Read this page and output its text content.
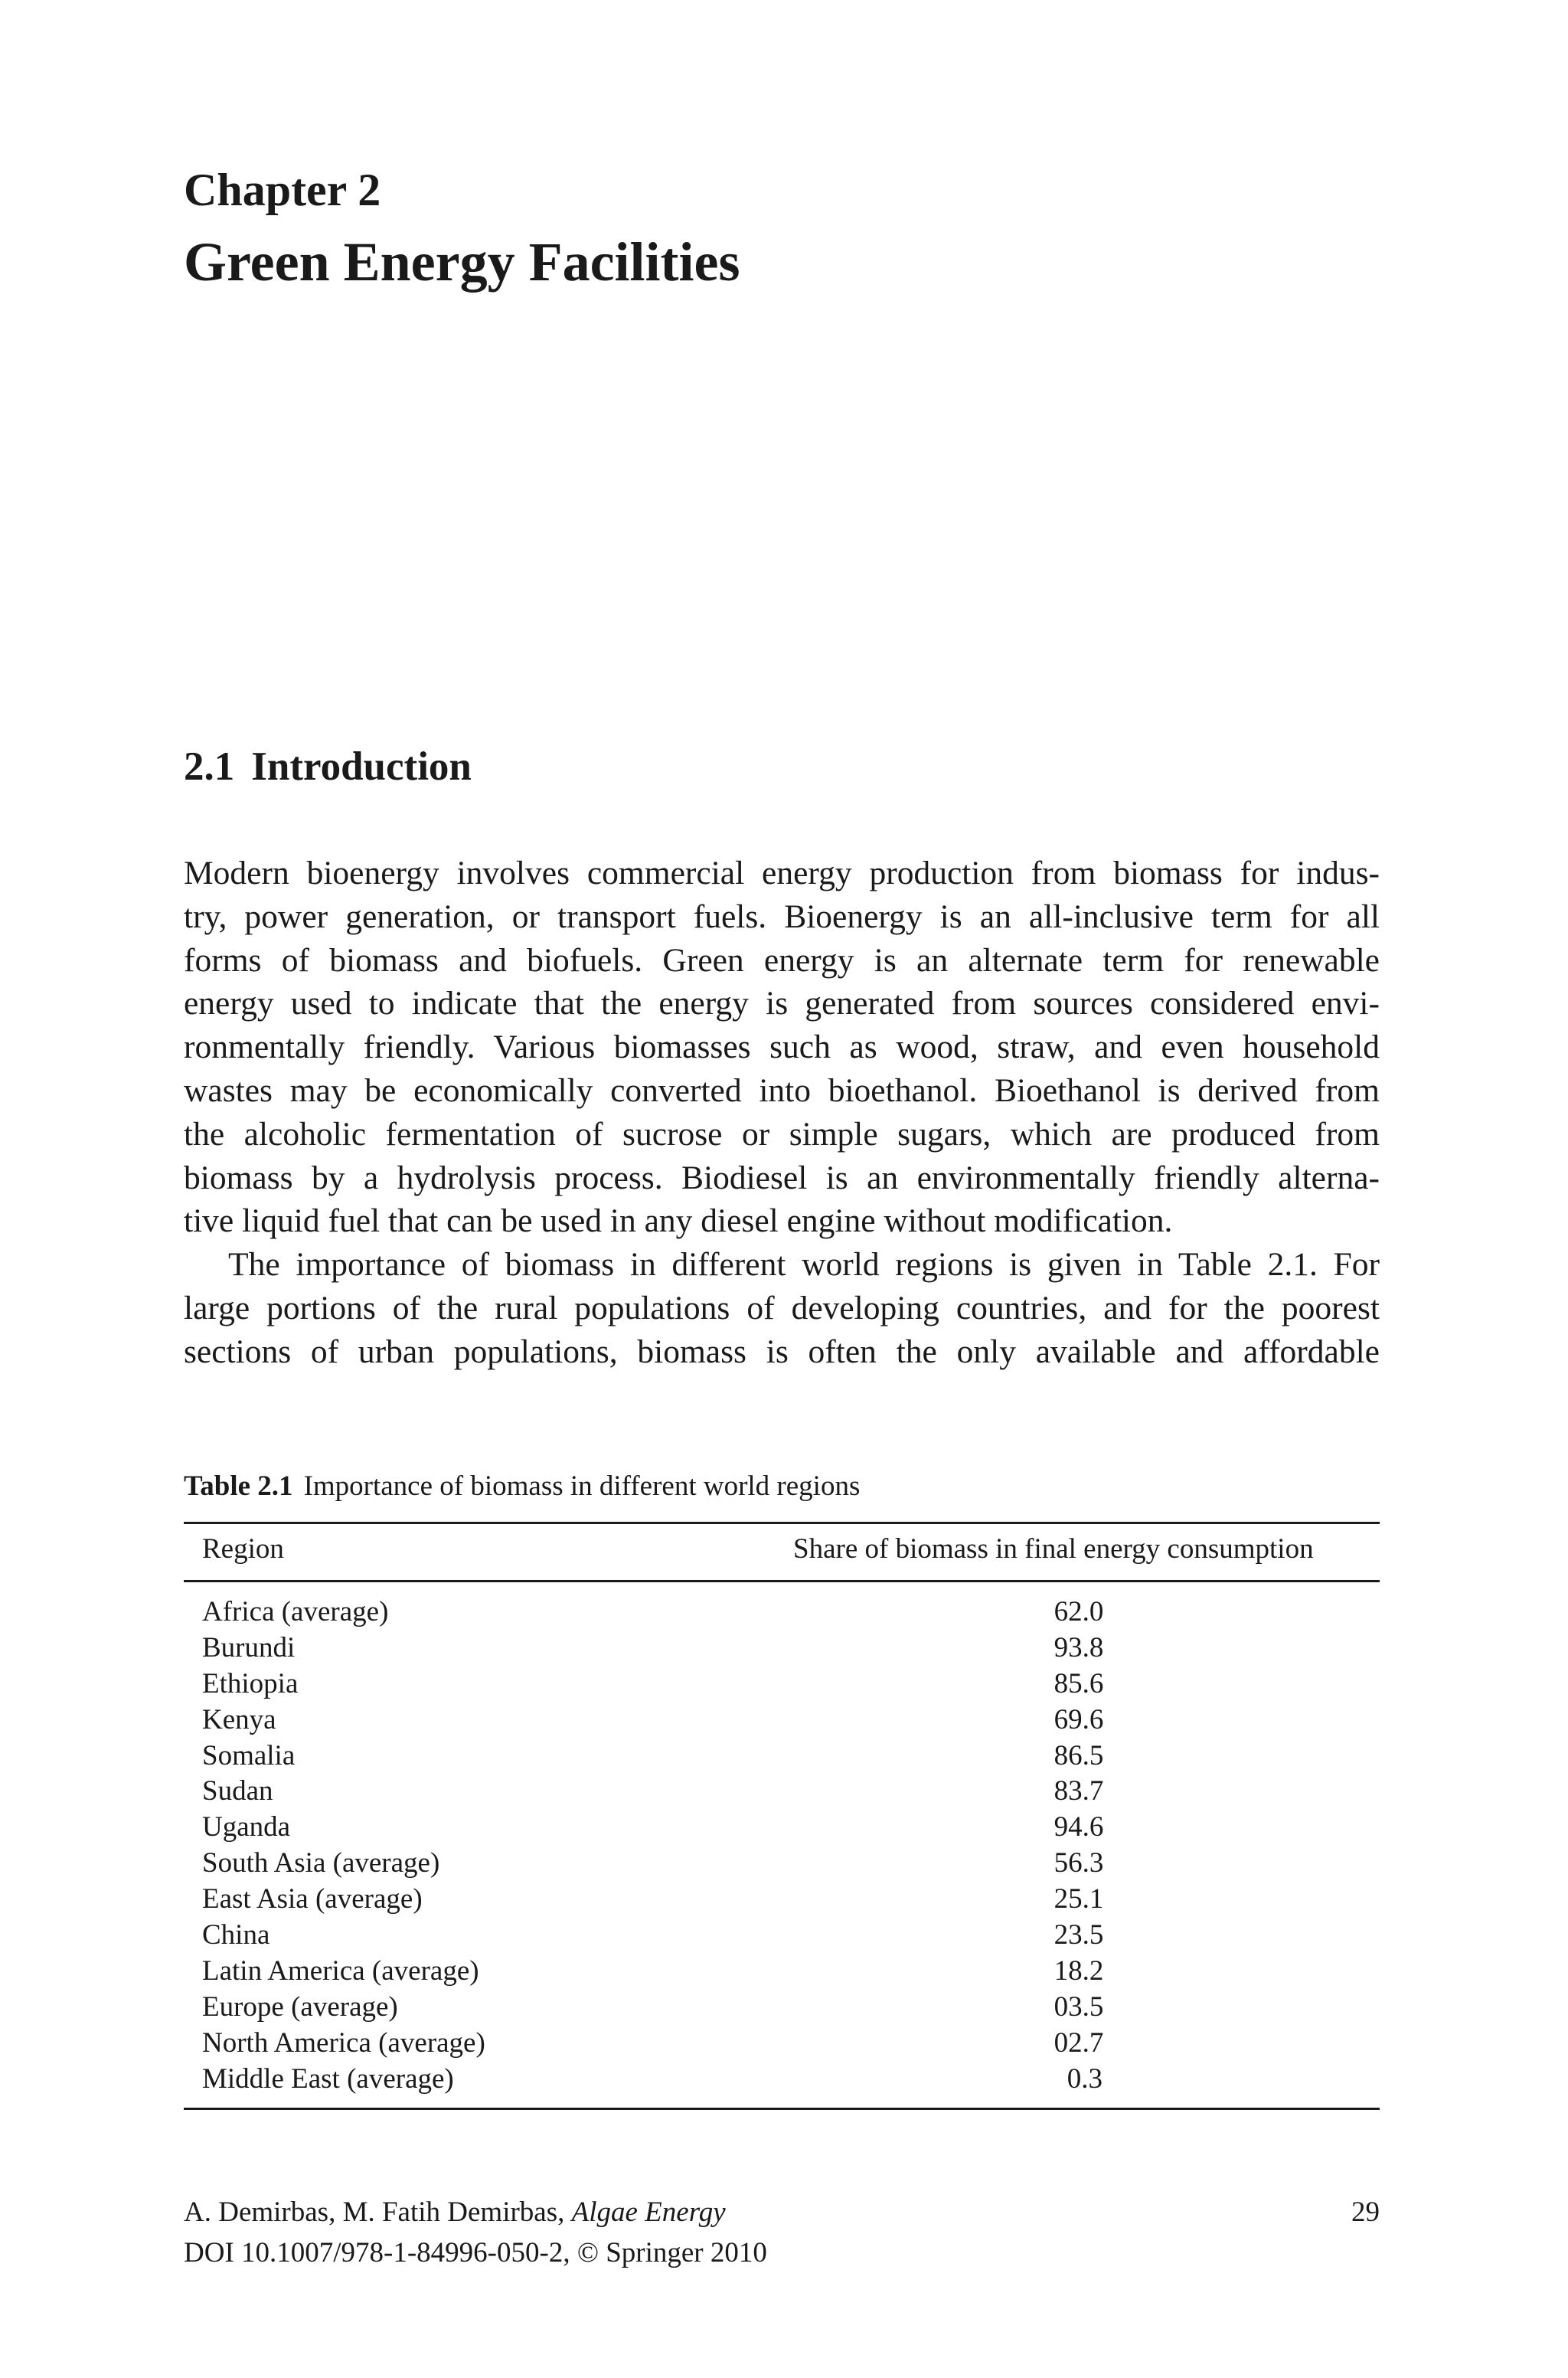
Chapter 2
Green Energy Facilities
2.1 Introduction

Modern bioenergy involves commercial energy production from biomass for indus-
try, power generation, or transport fuels. Bioenergy is an all-inclusive term for all
forms of biomass and biofuels. Green energy is an alternate term for renewable
energy used to indicate that the energy is generated from sources considered envi-
ronmentally friendly. Various biomasses such as wood, straw, and even household
wastes may be economically converted into bioethanol. Bioethanol is derived from
the alcoholic fermentation of sucrose or simple sugars, which are produced from
biomass by a hydrolysis process. Biodiesel is an environmentally friendly alterna-
tive liquid fuel that can be used in any diesel engine without modification.

The importance of biomass in different world regions is given in Table 2.1. For
large portions of the rural populations of developing countries, and for the poorest
sections of urban populations, biomass is often the only available and affordable

Table 2.1 Importance of biomass in different world regions
Region	Share of biomass in final energy consumption
Africa (average)	62.0
Burundi	93.8
Ethiopia	85.6
Kenya	69.6
Somalia	86.5
Sudan	83.7
Uganda	94.6
South Asia (average)	56.3
East Asia (average)	25.1
China	23.5
Latin America (average)	18.2
Europe (average)	03.5
North America (average)	02.7
Middle East (average)	0.3
A. Demirbas, M. Fatih Demirbas, Algae Energy
DOI 10.1007/978-1-84996-050-2, © Springer 2010
29
